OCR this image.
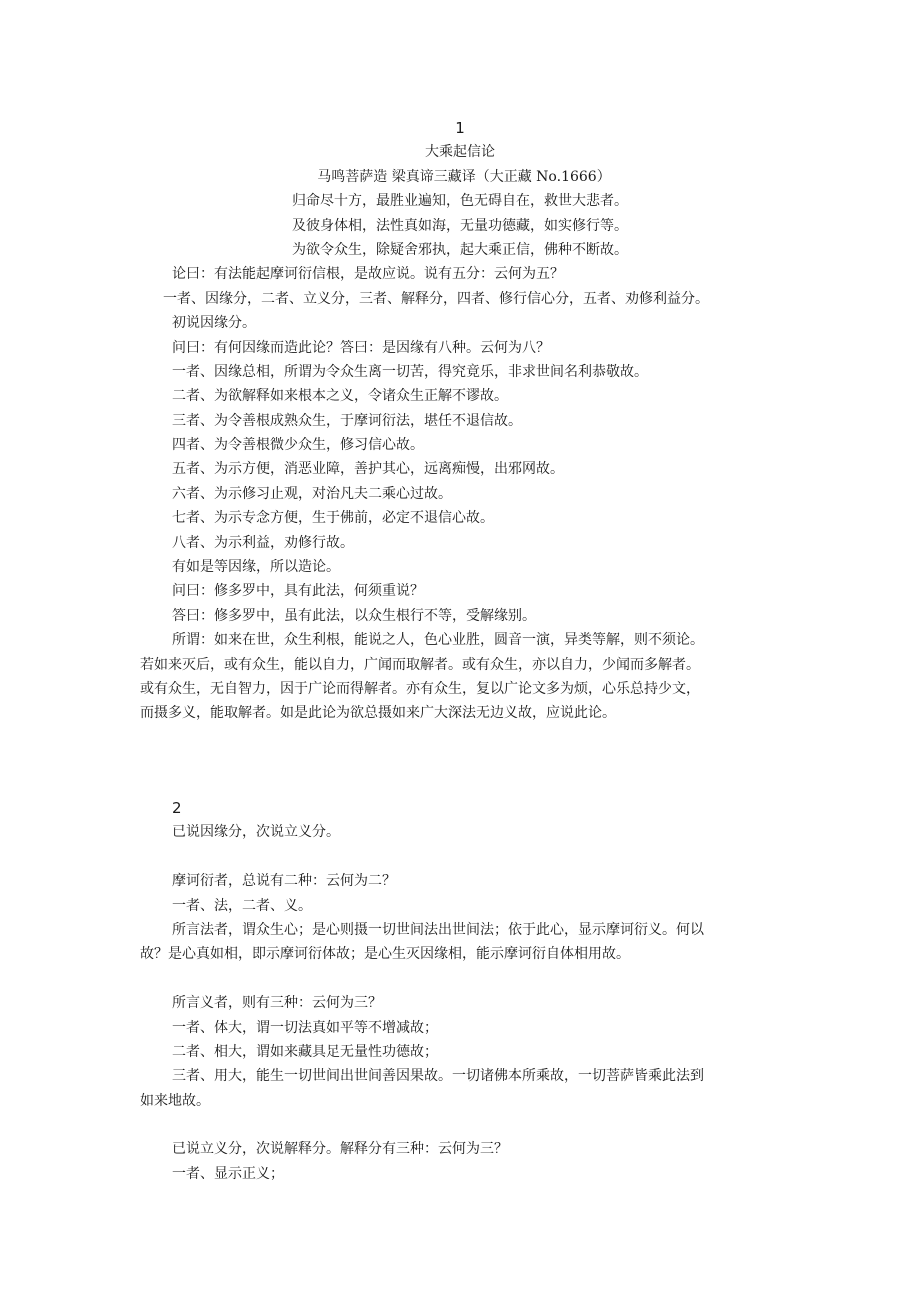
1
大乘起信论
马鸣菩萨造 梁真谛三藏译（大正藏 No.1666）
归命尽十方，最胜业遍知，色无碍自在，救世大悲者。
及彼身体相，法性真如海，无量功德藏，如实修行等。
为欲令众生，除疑舍邪执，起大乘正信，佛种不断故。
论曰：有法能起摩诃衍信根，是故应说。说有五分：云何为五？
一者、因缘分，二者、立义分，三者、解释分，四者、修行信心分，五者、劝修利益分。
初说因缘分。
问曰：有何因缘而造此论？答曰：是因缘有八种。云何为八？
一者、因缘总相，所谓为令众生离一切苦，得究竟乐，非求世间名利恭敬故。
二者、为欲解释如来根本之义，令诸众生正解不谬故。
三者、为令善根成熟众生，于摩诃衍法，堪任不退信故。
四者、为令善根微少众生，修习信心故。
五者、为示方便，消恶业障，善护其心，远离痴慢，出邪网故。
六者、为示修习止观，对治凡夫二乘心过故。
七者、为示专念方便，生于佛前，必定不退信心故。
八者、为示利益，劝修行故。
有如是等因缘，所以造论。
问曰：修多罗中，具有此法，何须重说？
答曰：修多罗中，虽有此法，以众生根行不等，受解缘别。
所谓：如来在世，众生利根，能说之人，色心业胜，圆音一演，异类等解，则不须论。
若如来灭后，或有众生，能以自力，广闻而取解者。或有众生，亦以自力，少闻而多解者。
或有众生，无自智力，因于广论而得解者。亦有众生，复以广论文多为烦，心乐总持少文，
而摄多义，能取解者。如是此论为欲总摄如来广大深法无边义故，应说此论。
2
已说因缘分，次说立义分。
摩诃衍者，总说有二种：云何为二？
一者、法，二者、义。
所言法者，谓众生心；是心则摄一切世间法出世间法；依于此心，显示摩诃衍义。何以
故？是心真如相，即示摩诃衍体故；是心生灭因缘相，能示摩诃衍自体相用故。
所言义者，则有三种：云何为三？
一者、体大，谓一切法真如平等不增减故；
二者、相大，谓如来藏具足无量性功德故；
三者、用大，能生一切世间出世间善因果故。一切诸佛本所乘故，一切菩萨皆乘此法到
如来地故。
已说立义分，次说解释分。解释分有三种：云何为三？
一者、显示正义；
